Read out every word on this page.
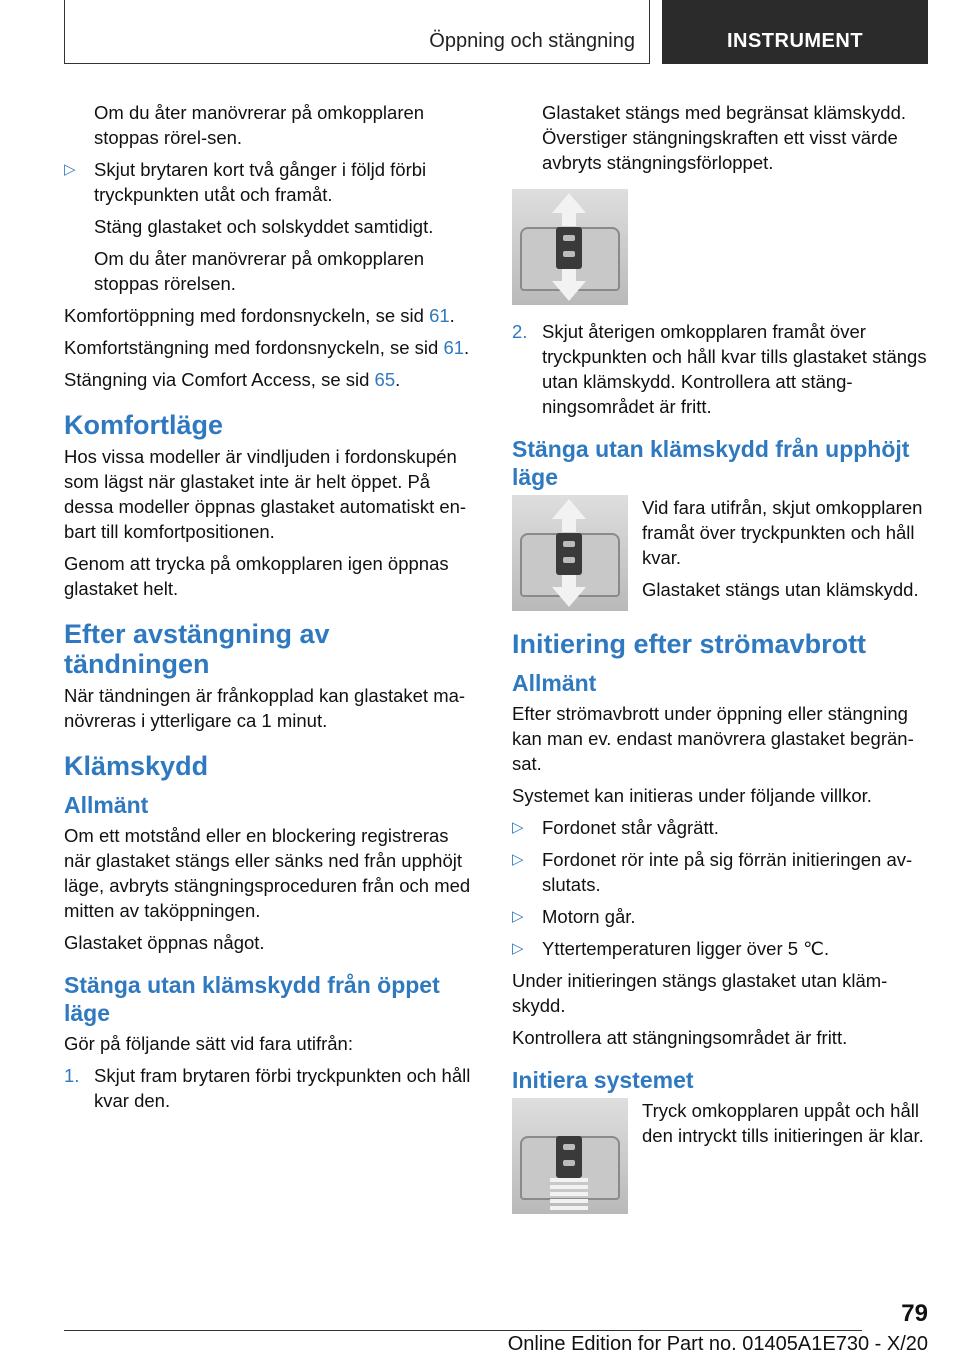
Öppning och stängning	INSTRUMENT

Om du åter manövrerar på omkopplaren stoppas rörel-sen.

▷ Skjut brytaren kort två gånger i följd förbi tryckpunkten utåt och framåt.

Stäng glastaket och solskyddet samtidigt.

Om du åter manövrerar på omkopplaren stoppas rörelsen.

Komfortöppning med fordonsnyckeln, se sid 61.

Komfortstängning med fordonsnyckeln, se sid 61.

Stängning via Comfort Access, se sid 65.

Komfortläge

Hos vissa modeller är vindljuden i fordonskupén som lägst när glastaket inte är helt öppet. På dessa modeller öppnas glastaket automatiskt en-bart till komfortpositionen.

Genom att trycka på omkopplaren igen öppnas glastaket helt.

Efter avstängning av tändningen

När tändningen är frånkopplad kan glastaket ma-növreras i ytterligare ca 1 minut.

Klämskydd
Allmänt

Om ett motstånd eller en blockering registreras när glastaket stängs eller sänks ned från upphöjt läge, avbryts stängningsproceduren från och med mitten av taköppningen.

Glastaket öppnas något.

Stänga utan klämskydd från öppet läge

Gör på följande sätt vid fara utifrån:

1. Skjut fram brytaren förbi tryckpunkten och håll kvar den.

Glastaket stängs med begränsat klämskydd. Överstiger stängningskraften ett visst värde avbryts stängningsförloppet.

2. Skjut återigen omkopplaren framåt över tryckpunkten och håll kvar tills glastaket stängs utan klämskydd. Kontrollera att stäng-ningsområdet är fritt.
Stänga utan klämskydd från upphöjt läge

Vid fara utifrån, skjut omkopplaren framåt över tryckpunkten och håll kvar.

Glastaket stängs utan klämskydd.

Initiering efter strömavbrott
Allmänt

Efter strömavbrott under öppning eller stängning kan man ev. endast manövrera glastaket begrän-sat.

Systemet kan initieras under följande villkor.

▷ Fordonet står vågrätt.
▷ Fordonet rör inte på sig förrän initieringen av-slutats.
▷ Motorn går.
▷ Yttertemperaturen ligger över 5 ℃.

Under initieringen stängs glastaket utan kläm-skydd.

Kontrollera att stängningsområdet är fritt.

Initiera systemet

Tryck omkopplaren uppåt och håll den intryckt tills initieringen är klar.

79
Online Edition for Part no. 01405A1E730 - X/20
